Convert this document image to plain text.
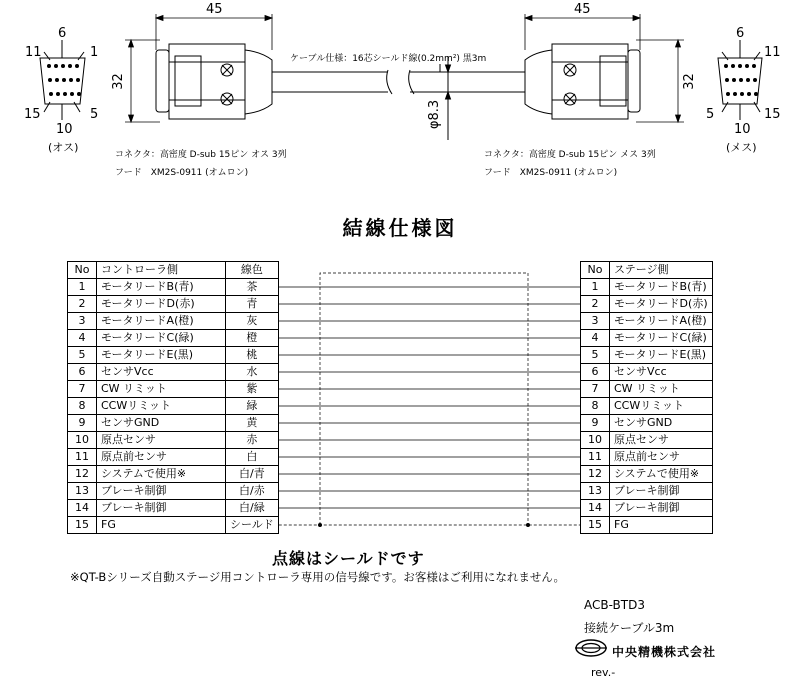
45	45
32	32
ケーブル仕様：16芯シールド線(0.2mm²) 黒3m
φ8.3
11
6
1
15
10
5
(オス)
6
11
5
10
15
(メス)
コネクタ：高密度 D-sub 15ピン オス 3列
フード　XM2S-0911 (オムロン)
コネクタ：高密度 D-sub 15ピン メス 3列
フード　XM2S-0911 (オムロン)
結線仕様図
No	コントローラ側	線色
1	モータリードB(青)	茶
2	モータリードD(赤)	青
3	モータリードA(橙)	灰
4	モータリードC(緑)	橙
5	モータリードE(黒)	桃
6	センサVcc	水
7	CW リミット	紫
8	CCWリミット	緑
9	センサGND	黄
10	原点センサ	赤
11	原点前センサ	白
12	システムで使用※	白/青
13	ブレーキ制御	白/赤
14	ブレーキ制御	白/緑
15	FG	シールド
No	ステージ側
1	モータリードB(青)
2	モータリードD(赤)
3	モータリードA(橙)
4	モータリードC(緑)
5	モータリードE(黒)
6	センサVcc
7	CW リミット
8	CCWリミット
9	センサGND
10	原点センサ
11	原点前センサ
12	システムで使用※
13	ブレーキ制御
14	ブレーキ制御
15	FG
点線はシールドです
※QT-Bシリーズ自動ステージ用コントローラ専用の信号線です。お客様はご利用になれません。
ACB-BTD3
接続ケーブル3m
中央精機株式会社
rev.-
